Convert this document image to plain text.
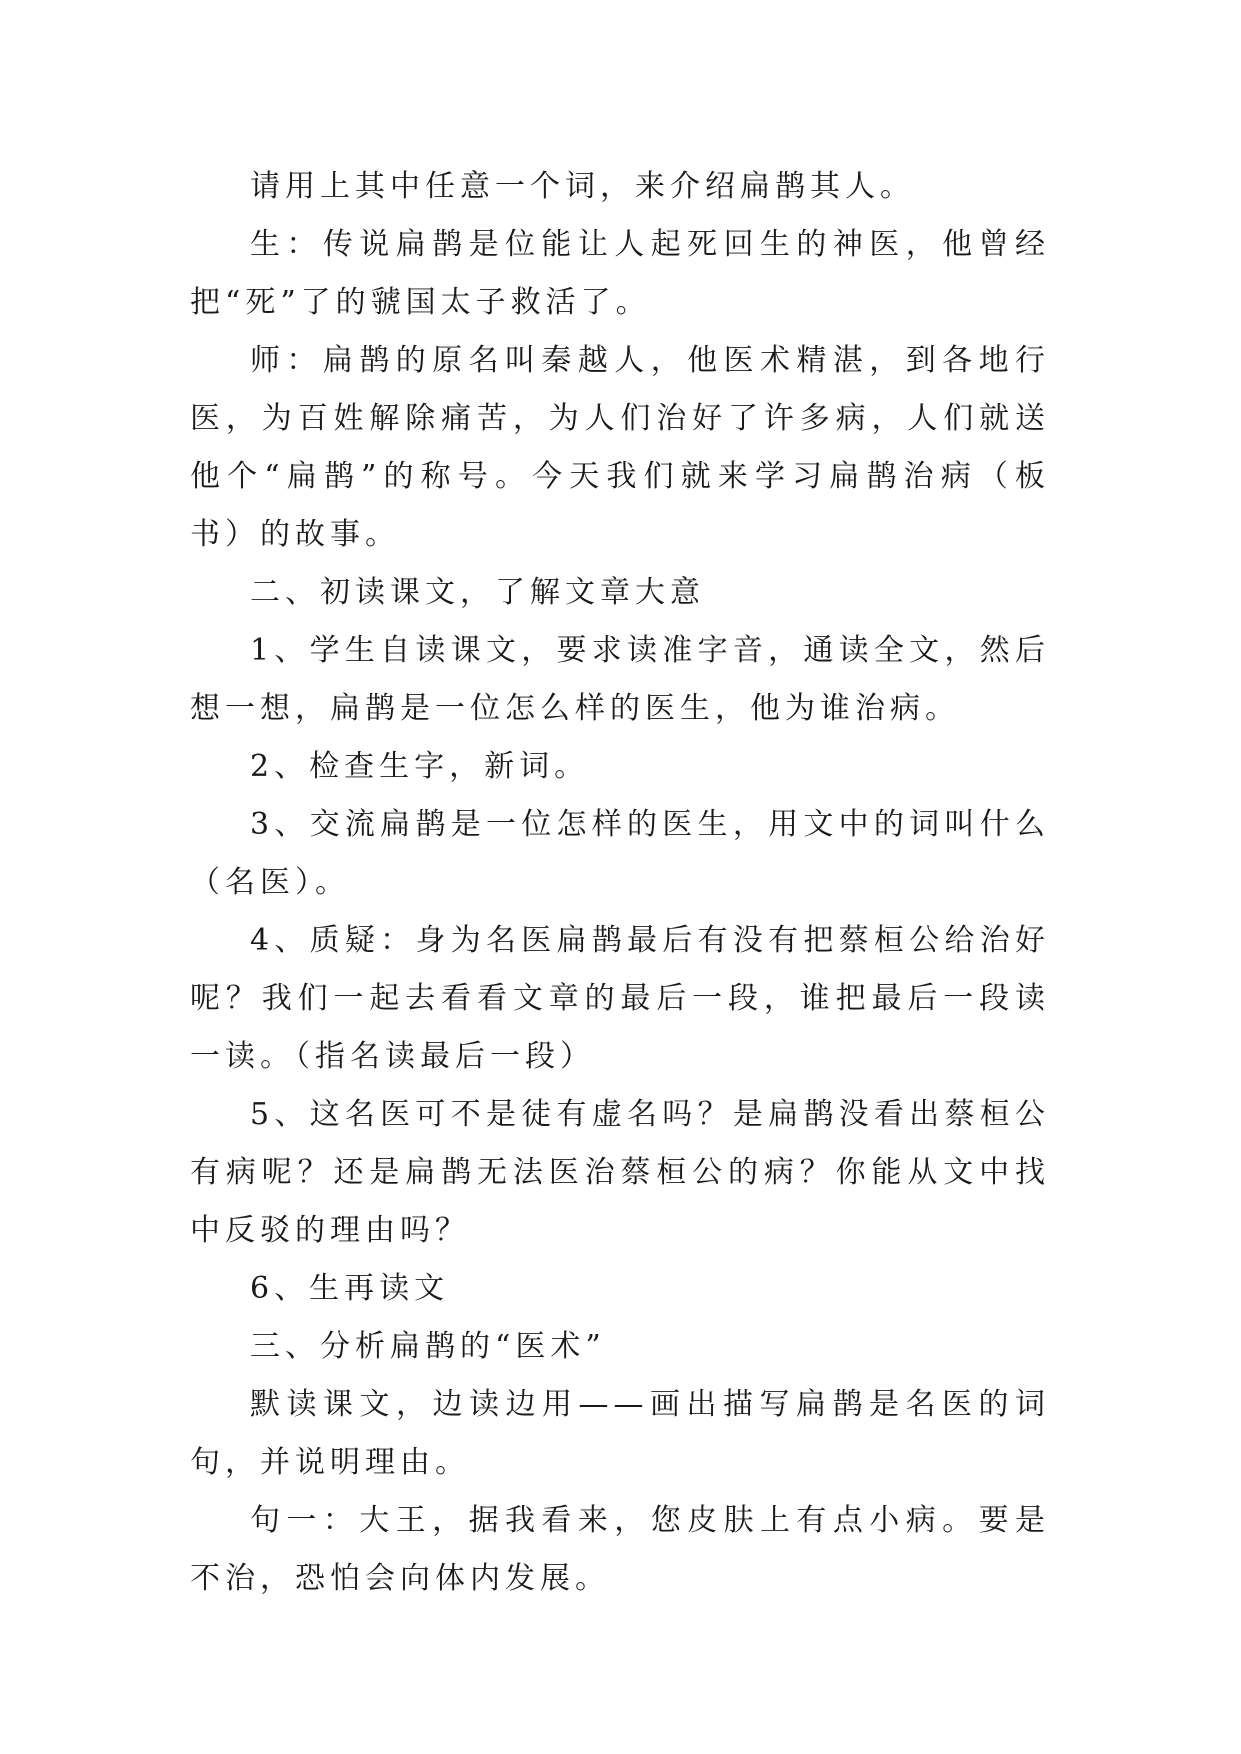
请用上其中任意一个词，来介绍扁鹊其人。

生：传说扁鹊是位能让人起死回生的神医，他曾经把“死”了的虢国太子救活了。

师：扁鹊的原名叫秦越人，他医术精湛，到各地行医，为百姓解除痛苦，为人们治好了许多病，人们就送他个“扁鹊”的称号。今天我们就来学习扁鹊治病（板书）的故事。

二、初读课文，了解文章大意

1、学生自读课文，要求读准字音，通读全文，然后想一想，扁鹊是一位怎么样的医生，他为谁治病。

2、检查生字，新词。

3、交流扁鹊是一位怎样的医生，用文中的词叫什么（名医）。

4、质疑：身为名医扁鹊最后有没有把蔡桓公给治好呢？我们一起去看看文章的最后一段，谁把最后一段读一读。（指名读最后一段）

5、这名医可不是徒有虚名吗？是扁鹊没看出蔡桓公有病呢？还是扁鹊无法医治蔡桓公的病？你能从文中找中反驳的理由吗？

6、生再读文

三、分析扁鹊的“医术”

默读课文，边读边用——画出描写扁鹊是名医的词句，并说明理由。

句一：大王，据我看来，您皮肤上有点小病。要是不治，恐怕会向体内发展。
